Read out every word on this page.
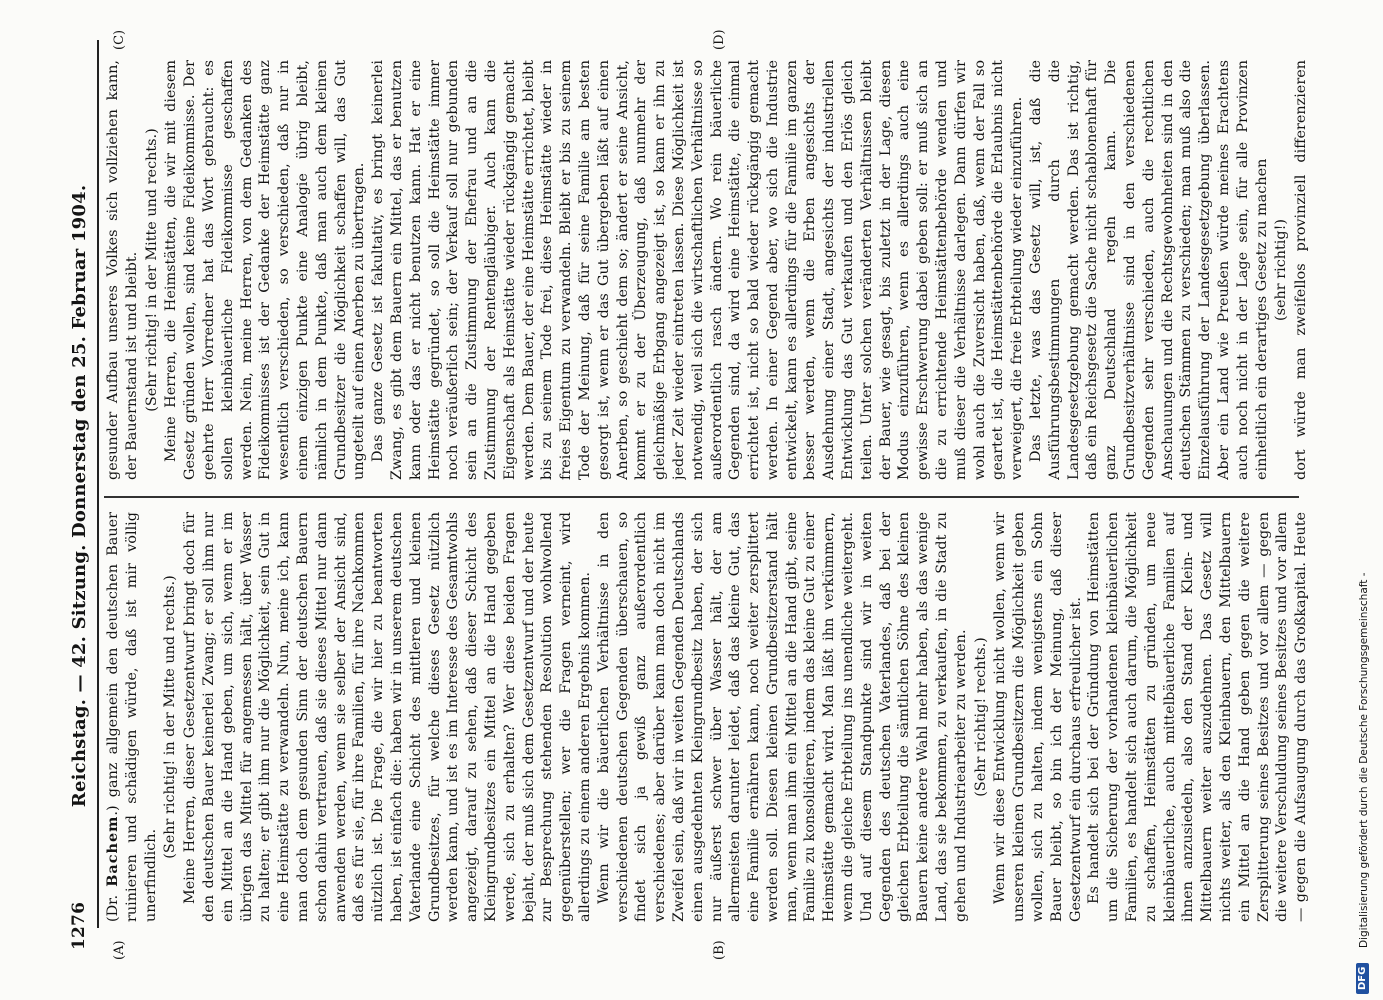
1276
Reichstag. — 42. Sitzung. Donnerstag den 25. Februar 1904.
(A)	(B)
(C)	(D)

(Dr. Bachem.) ganz allgemein den deutschen Bauer ruinieren und schädigen würde, daß ist mir völlig unerfindlich.

(Sehr richtig! in der Mitte und rechts.) Meine Herren, dieser Gesetzentwurf bringt doch für den deutschen Bauer keinerlei Zwang; er soll ihm nur ein Mittel an die Hand geben, um sich, wenn er im übrigen das Mittel für angemessen hält, über Wasser zu halten; er gibt ihm nur die Möglichkeit, sein Gut in eine Heimstätte zu verwandeln. Nun, meine ich, kann man doch dem gesunden Sinn der deutschen Bauern schon dahin vertrauen, daß sie dieses Mittel nur dann anwenden werden, wenn sie selber der Ansicht sind, daß es für sie, für ihre Familien, für ihre Nachkommen nützlich ist. Die Frage, die wir hier zu beantworten haben, ist einfach die: haben wir in unserem deutschen Vaterlande eine Schicht des mittleren und kleinen Grundbesitzes, für welche dieses Gesetz nützlich werden kann, und ist es im Interesse des Gesamtwohls angezeigt, darauf zu sehen, daß dieser Schicht des Kleingrundbesitzes ein Mittel an die Hand gegeben werde, sich zu erhalten? Wer diese beiden Fragen bejaht, der muß sich dem Gesetzentwurf und der heute zur Besprechung stehenden Resolution wohlwollend gegenüberstellen; wer die Fragen verneint, wird allerdings zu einem anderen Ergebnis kommen. Wenn wir die bäuerlichen Verhältnisse in den verschiedenen deutschen Gegenden überschauen, so findet sich ja gewiß ganz außerordentlich verschiedenes; aber darüber kann man doch nicht im Zweifel sein, daß wir in weiten Gegenden Deutschlands einen ausgedehnten Kleingrundbesitz haben, der sich nur äußerst schwer über Wasser hält, der am allermeisten darunter leidet, daß das kleine Gut, das eine Familie ernähren kann, noch weiter zersplittert werden soll. Diesen kleinen Grundbesitzerstand hält man, wenn man ihm ein Mittel an die Hand gibt, seine Familie zu konsolidieren, indem das kleine Gut zu einer Heimstätte gemacht wird. Man läßt ihn verkümmern, wenn die gleiche Erbteilung ins unendliche weitergeht. Und auf diesem Standpunkte sind wir in weiten Gegenden des deutschen Vaterlandes, daß bei der gleichen Erbteilung die sämtlichen Söhne des kleinen Bauern keine andere Wahl mehr haben, als das wenige Land, das sie bekommen, zu verkaufen, in die Stadt zu gehen und Industriearbeiter zu werden. (Sehr richtig! rechts.) Wenn wir diese Entwicklung nicht wollen, wenn wir unseren kleinen Grundbesitzern die Möglichkeit geben wollen, sich zu halten, indem wenigstens ein Sohn Bauer bleibt, so bin ich der Meinung, daß dieser Gesetzentwurf ein durchaus erfreulicher ist. Es handelt sich bei der Gründung von Heimstätten um die Sicherung der vorhandenen kleinbäuerlichen Familien, es handelt sich auch darum, die Möglichkeit zu schaffen, Heimstätten zu gründen, um neue kleinbäuerliche, auch mittelbäuerliche Familien auf ihnen anzusiedeln, also den Stand der Klein- und Mittelbauern weiter auszudehnen. Das Gesetz will nichts weiter, als den Kleinbauern, den Mittelbauern ein Mittel an die Hand geben gegen die weitere Zersplitterung seines Besitzes und vor allem — gegen die weitere Verschuldung seines Besitzes und vor allem — gegen die Aufsaugung durch das Großkapital. Heute

gesunder Aufbau unseres Volkes sich vollziehen kann, der Bauernstand ist und bleibt. (Sehr richtig! in der Mitte und rechts.) Meine Herren, die Heimstätten, die wir mit diesem Gesetz gründen wollen, sind keine Fideikommisse. Der geehrte Herr Vorredner hat das Wort gebraucht: es sollen kleinbäuerliche Fideikommisse geschaffen werden. Nein, meine Herren, von dem Gedanken des Fideikommisses ist der Gedanke der Heimstätte ganz wesentlich verschieden, so verschieden, daß nur in einem einzigen Punkte eine Analogie übrig bleibt, nämlich in dem Punkte, daß man auch dem kleinen Grundbesitzer die Möglichkeit schaffen will, das Gut ungeteilt auf einen Anerben zu übertragen. Das ganze Gesetz ist fakultativ, es bringt keinerlei Zwang, es gibt dem Bauern ein Mittel, das er benutzen kann oder das er nicht benutzen kann. Hat er eine Heimstätte gegründet, so soll die Heimstätte immer noch veräußerlich sein; der Verkauf soll nur gebunden sein an die Zustimmung der Ehefrau und an die Zustimmung der Rentengläubiger. Auch kann die Eigenschaft als Heimstätte wieder rückgängig gemacht werden. Dem Bauer, der eine Heimstätte errichtet, bleibt bis zu seinem Tode frei, diese Heimstätte wieder in freies Eigentum zu verwandeln. Bleibt er bis zu seinem Tode der Meinung, daß für seine Familie am besten gesorgt ist, wenn er das Gut übergeben läßt auf einen Anerben, so geschieht dem so; ändert er seine Ansicht, kommt er zu der Überzeugung, daß nunmehr der gleichmäßige Erbgang angezeigt ist, so kann er ihn zu jeder Zeit wieder eintreten lassen. Diese Möglichkeit ist notwendig, weil sich die wirtschaftlichen Verhältnisse so außerordentlich rasch ändern. Wo rein bäuerliche Gegenden sind, da wird eine Heimstätte, die einmal errichtet ist, nicht so bald wieder rückgängig gemacht werden. In einer Gegend aber, wo sich die Industrie entwickelt, kann es allerdings für die Familie im ganzen besser werden, wenn die Erben angesichts der Ausdehnung einer Stadt, angesichts der industriellen Entwicklung das Gut verkaufen und den Erlös gleich teilen. Unter solchen veränderten Verhältnissen bleibt der Bauer, wie gesagt, bis zuletzt in der Lage, diesen Modus einzuführen, wenn es allerdings auch eine gewisse Erschwerung dabei geben soll: er muß sich an die zu errichtende Heimstättenbehörde wenden und muß dieser die Verhältnisse darlegen. Dann dürfen wir wohl auch die Zuversicht haben, daß, wenn der Fall so geartet ist, die Heimstättenbehörde die Erlaubnis nicht verweigert, die freie Erbteilung wieder einzuführen. Das letzte, was das Gesetz will, ist, daß die Ausführungsbestimmungen durch die Landesgesetzgebung gemacht werden. Das ist richtig, daß ein Reichsgesetz die Sache nicht schablonenhaft für ganz Deutschland regeln kann. Die Grundbesitzverhältnisse sind in den verschiedenen Gegenden sehr verschieden, auch die rechtlichen Anschauungen und die Rechtsgewohnheiten sind in den deutschen Stämmen zu verschieden; man muß also die Einzelausführung der Landesgesetzgebung überlassen. Aber ein Land wie Preußen würde meines Erachtens auch noch nicht in der Lage sein, für alle Provinzen einheitlich ein derartiges Gesetz zu machen (sehr richtig!)

dort würde man zweifellos provinziell differenzieren

DFG
Digitalisierung gefördert durch die Deutsche Forschungsgemeinschaft -
